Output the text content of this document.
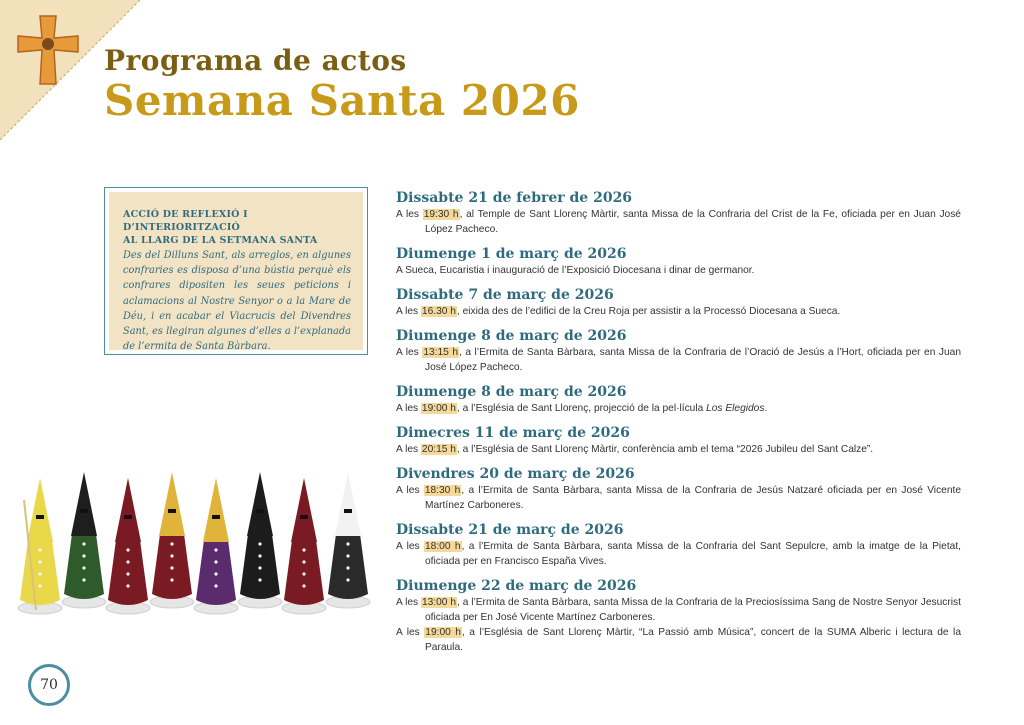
Programa de actos
Semana Santa 2026
ACCIÓ DE REFLEXIÓ I D’INTERIORITZACIÓ
AL LLARG DE LA SETMANA SANTA
Des del Dilluns Sant, als arreglos, en algunes confraries es disposa d’una bústia perquè els confrares dipositen les seues peticions i aclamacions al Nostre Senyor o a la Mare de Déu, i en acabar el Viacrucis del Divendres Sant, es llegiran algunes d’elles a l’explanada de l’ermita de Santa Bàrbara.
Dissabte 21 de febrer de 2026
A les 19:30 h, al Temple de Sant Llorenç Màrtir, santa Missa de la Confraria del Crist de la Fe, oficiada per en Juan José López Pacheco.
Diumenge 1 de març de 2026
A Sueca, Eucaristia i inauguració de l’Exposició Diocesana i dinar de germanor.
Dissabte 7 de març de 2026
A les 16.30 h, eixida des de l’edifici de la Creu Roja per assistir a la Processó Diocesana a Sueca.
Diumenge 8 de març de 2026
A les 13:15 h, a l’Ermita de Santa Bàrbara, santa Missa de la Confraria de l’Oració de Jesús a l’Hort, oficiada per en Juan José López Pacheco.
Diumenge 8 de març de 2026
A les 19:00 h, a l’Església de Sant Llorenç, projecció de la pel·lícula Los Elegidos.
Dimecres 11 de març de 2026
A les 20:15 h, a l’Església de Sant Llorenç Màrtir, conferència amb el tema “2026 Jubileu del Sant Calze”.
Divendres 20 de març de 2026
A les 18:30 h, a l’Ermita de Santa Bàrbara, santa Missa de la Confraria de Jesús Natzaré oficiada per en José Vicente Martínez Carboneres.
Dissabte 21 de març de 2026
A les 18:00 h, a l’Ermita de Santa Bàrbara, santa Missa de la Confraria del Sant Sepulcre, amb la imatge de la Pietat, oficiada per en Francisco España Vives.
Diumenge 22 de març de 2026
A les 13:00 h, a l’Ermita de Santa Bàrbara, santa Missa de la Confraria de la Preciosíssima Sang de Nostre Senyor Jesucrist oficiada per En José Vicente Martínez Carboneres.
A les 19:00 h, a l’Església de Sant Llorenç Màrtir, “La Passió amb Música”, concert de la SUMA Alberic i lectura de la Paraula.
70
